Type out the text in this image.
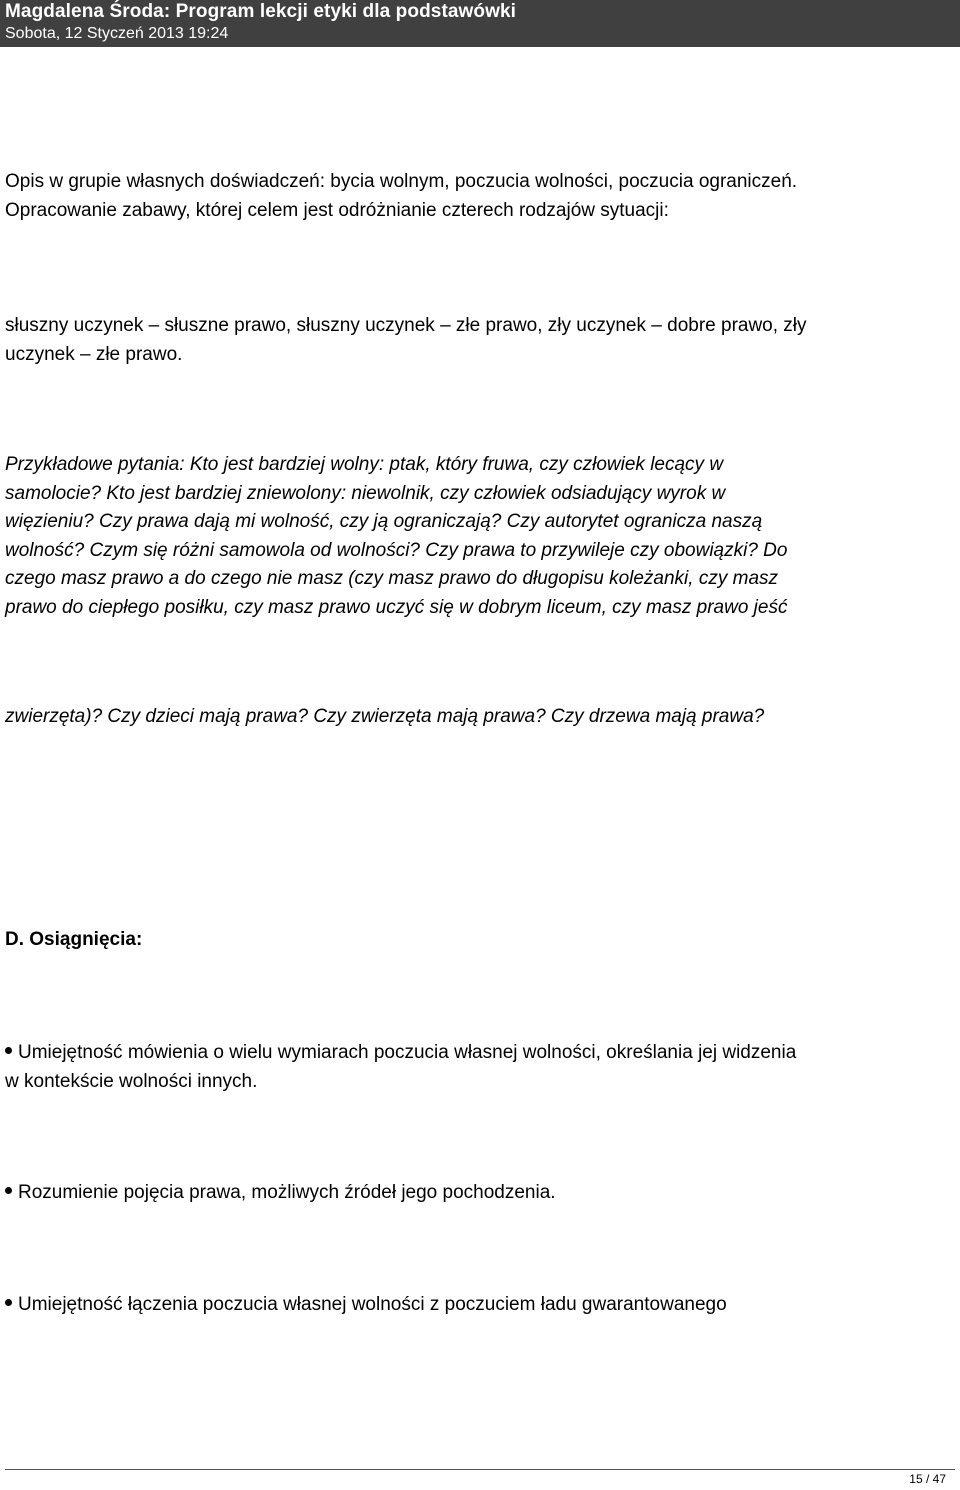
Magdalena Środa: Program lekcji etyki dla podstawówki
Sobota, 12 Styczeń 2013 19:24
Opis w grupie własnych doświadczeń: bycia wolnym, poczucia wolności, poczucia ograniczeń.
Opracowanie zabawy, której celem jest odróżnianie czterech rodzajów sytuacji:
słuszny uczynek – słuszne prawo, słuszny uczynek – złe prawo, zły uczynek – dobre prawo, zły
uczynek – złe prawo.
Przykładowe pytania: Kto jest bardziej wolny: ptak, który fruwa, czy człowiek lecący w
samolocie? Kto jest bardziej zniewolony: niewolnik, czy człowiek odsiadujący wyrok w
więzieniu? Czy prawa dają mi wolność, czy ją ograniczają? Czy autorytet ogranicza naszą
wolność? Czym się różni samowola od wolności? Czy prawa to przywileje czy obowiązki? Do
czego masz prawo a do czego nie masz (czy masz prawo do długopisu koleżanki, czy masz
prawo do ciepłego posiłku, czy masz prawo uczyć się w dobrym liceum, czy masz prawo jeść
zwierzęta)? Czy dzieci mają prawa? Czy zwierzęta mają prawa? Czy drzewa mają prawa?
D. Osiągnięcia:
Umiejętność mówienia o wielu wymiarach poczucia własnej wolności, określania jej widzenia
w kontekście wolności innych.
Rozumienie pojęcia prawa, możliwych źródeł jego pochodzenia.
Umiejętność łączenia poczucia własnej wolności z poczuciem ładu gwarantowanego
15 / 47
